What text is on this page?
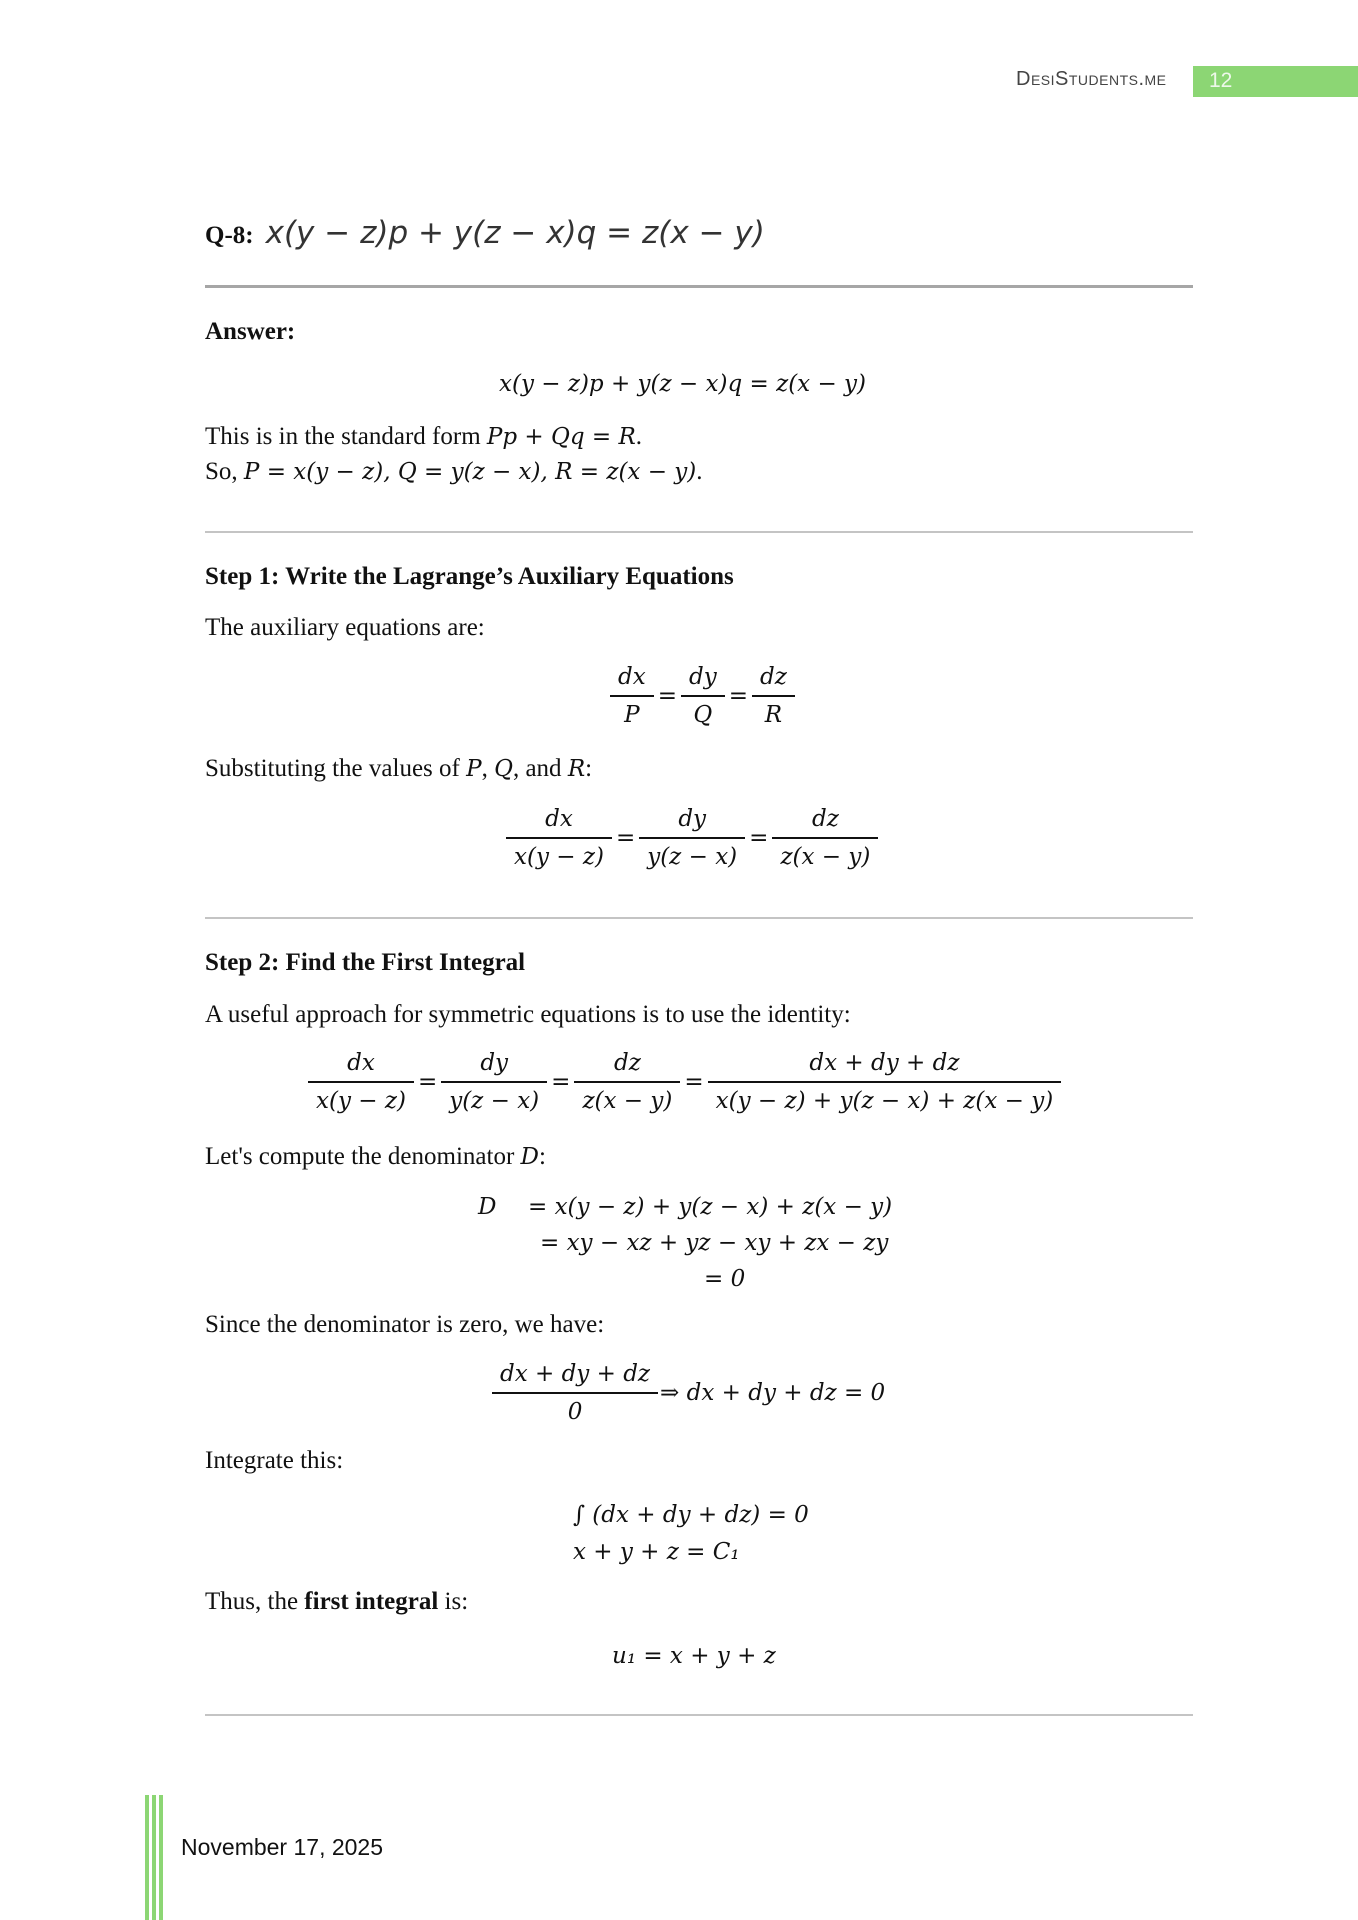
DesiStudents.me 12
Q-8: x(y − z)p + y(z − x)q = z(x − y)
Answer:
x(y − z)p + y(z − x)q = z(x − y)
This is in the standard form Pp + Qq = R.
So, P = x(y − z), Q = y(z − x), R = z(x − y).
Step 1: Write the Lagrange’s Auxiliary Equations
The auxiliary equations are:
$\frac{dx}{P} = \frac{dy}{Q} = \frac{dz}{R}$
Substituting the values of P, Q, and R:
$\frac{dx}{x(y - z)} = \frac{dy}{y(z - x)} = \frac{dz}{z(x - y)}$
Step 2: Find the First Integral
A useful approach for symmetric equations is to use the identity:
$\frac{dx}{x(y - z)} = \frac{dy}{y(z - x)} = \frac{dz}{z(x - y)} = \frac{dx + dy + dz}{x(y - z) + y(z - x) + z(x - y)}$
Let's compute the denominator D:
D = x(y − z) + y(z − x) + z(x − y)
= xy − xz + yz − xy + zx − zy
= 0
Since the denominator is zero, we have:
$\frac{dx + dy + dz}{0}$ ⇒ dx + dy + dz = 0
Integrate this:
∫ (dx + dy + dz) = 0
x + y + z = C₁
Thus, the first integral is:
u₁ = x + y + z
November 17, 2025
